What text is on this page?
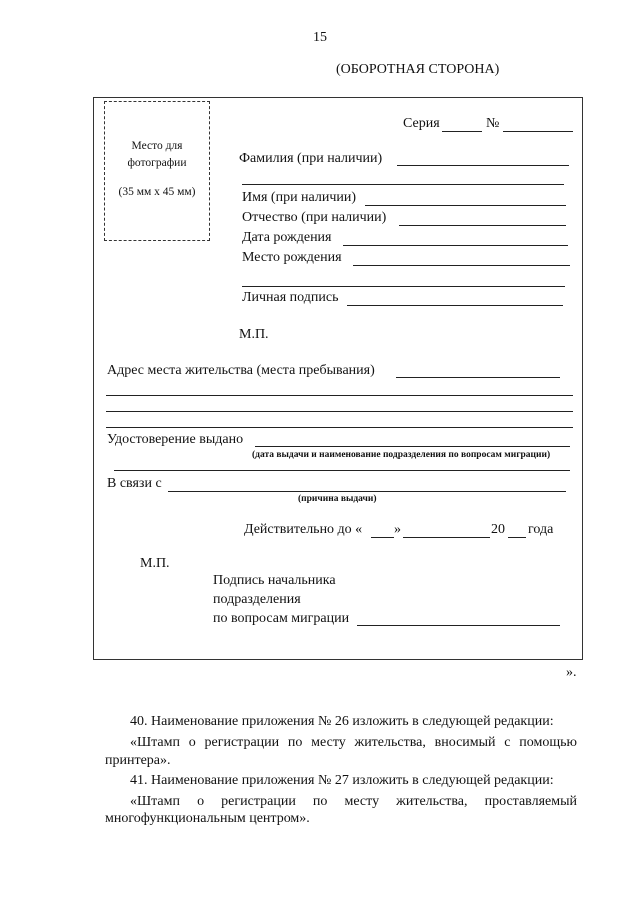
15
(ОБОРОТНАЯ СТОРОНА)
Место для
фотографии
(35 мм х 45 мм)
Серия	№
Фамилия (при наличии)
Имя (при наличии)
Отчество (при наличии)
Дата рождения
Место рождения
Личная подпись
М.П.
Адрес места жительства (места пребывания)
Удостоверение выдано
(дата выдачи и наименование подразделения по вопросам миграции)
В связи с
(причина выдачи)
Действительно до « »	20 года
М.П.
Подпись начальника
подразделения
по вопросам миграции
».
40. Наименование приложения № 26 изложить в следующей редакции:
«Штамп о регистрации по месту жительства, вносимый с помощью
принтера».
41. Наименование приложения № 27 изложить в следующей редакции:
«Штамп о регистрации по месту жительства, проставляемый
многофункциональным центром».
